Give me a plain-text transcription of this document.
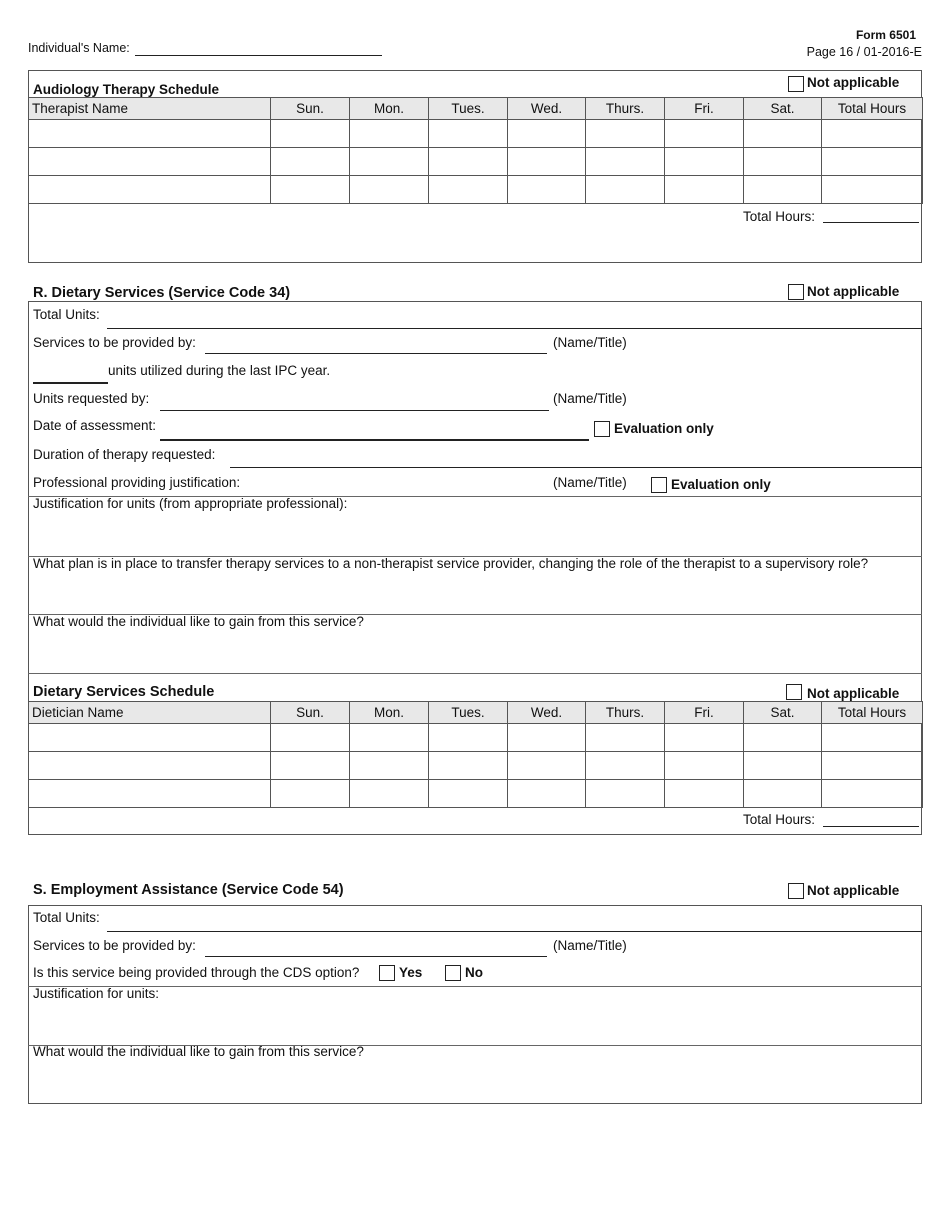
Individual's Name:
Form 6501
Page 16 / 01-2016-E
Audiology Therapy Schedule	Not applicable
Therapist Name	Sun.	Mon.	Tues.	Wed.	Thurs.	Fri.	Sat.	Total Hours

Total Hours:
R. Dietary Services (Service Code 34)	Not applicable
Total Units:
Services to be provided by:	(Name/Title)
units utilized during the last IPC year.
Units requested by:	(Name/Title)
Date of assessment:	Evaluation only
Duration of therapy requested:
Professional providing justification:	(Name/Title)	Evaluation only
Justification for units (from appropriate professional):
What plan is in place to transfer therapy services to a non-therapist service provider, changing the role of the therapist to a supervisory role?
What would the individual like to gain from this service?
Dietary Services Schedule	Not applicable
Dietician Name	Sun.	Mon.	Tues.	Wed.	Thurs.	Fri.	Sat.	Total Hours

Total Hours:
S. Employment Assistance (Service Code 54)	Not applicable
Total Units:
Services to be provided by:	(Name/Title)
Is this service being provided through the CDS option?	Yes	No
Justification for units:
What would the individual like to gain from this service?
